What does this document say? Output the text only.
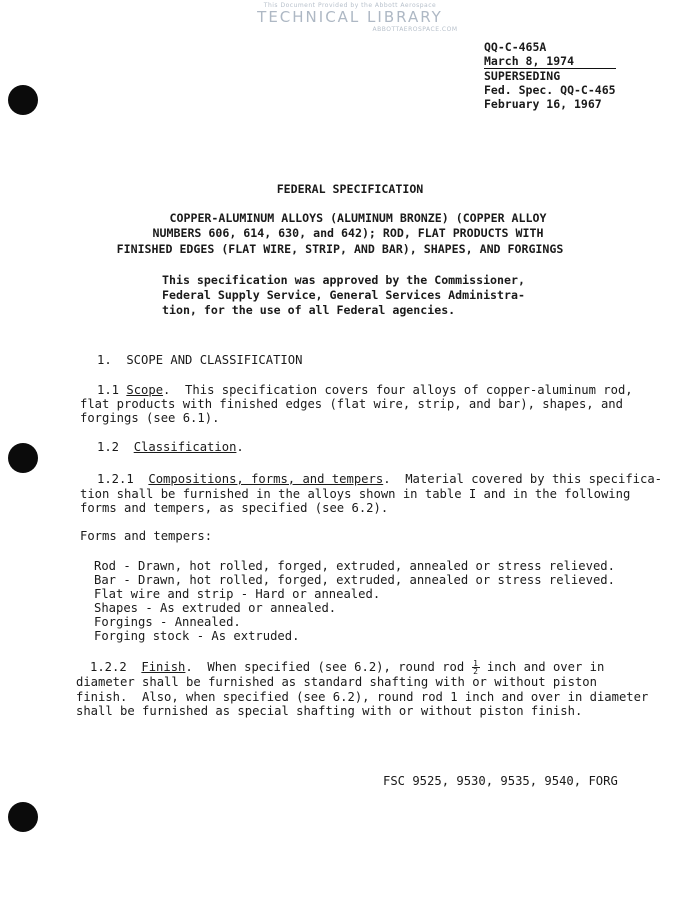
This Document Provided by the Abbott Aerospace
TECHNICAL LIBRARY
ABBOTTAEROSPACE.COM
QQ-C-465A
March 8, 1974
SUPERSEDING
Fed. Spec. QQ-C-465
February 16, 1967
FEDERAL SPECIFICATION
COPPER-ALUMINUM ALLOYS (ALUMINUM BRONZE) (COPPER ALLOY
NUMBERS 606, 614, 630, and 642); ROD, FLAT PRODUCTS WITH
FINISHED EDGES (FLAT WIRE, STRIP, AND BAR), SHAPES, AND FORGINGS
This specification was approved by the Commissioner,
Federal Supply Service, General Services Administra-
tion, for the use of all Federal agencies.
1.  SCOPE AND CLASSIFICATION
1.1 Scope.  This specification covers four alloys of copper-aluminum rod,
flat products with finished edges (flat wire, strip, and bar), shapes, and
forgings (see 6.1).
1.2  Classification.
1.2.1  Compositions, forms, and tempers.  Material covered by this specifica-
tion shall be furnished in the alloys shown in table I and in the following
forms and tempers, as specified (see 6.2).
Forms and tempers:
Rod - Drawn, hot rolled, forged, extruded, annealed or stress relieved.
Bar - Drawn, hot rolled, forged, extruded, annealed or stress relieved.
Flat wire and strip - Hard or annealed.
Shapes - As extruded or annealed.
Forgings - Annealed.
Forging stock - As extruded.
1.2.2  Finish.  When specified (see 6.2), round rod $\frac{1}{2}$ inch and over in
diameter shall be furnished as standard shafting with or without piston
finish.  Also, when specified (see 6.2), round rod 1 inch and over in diameter
shall be furnished as special shafting with or without piston finish.
FSC 9525, 9530, 9535, 9540, FORG
